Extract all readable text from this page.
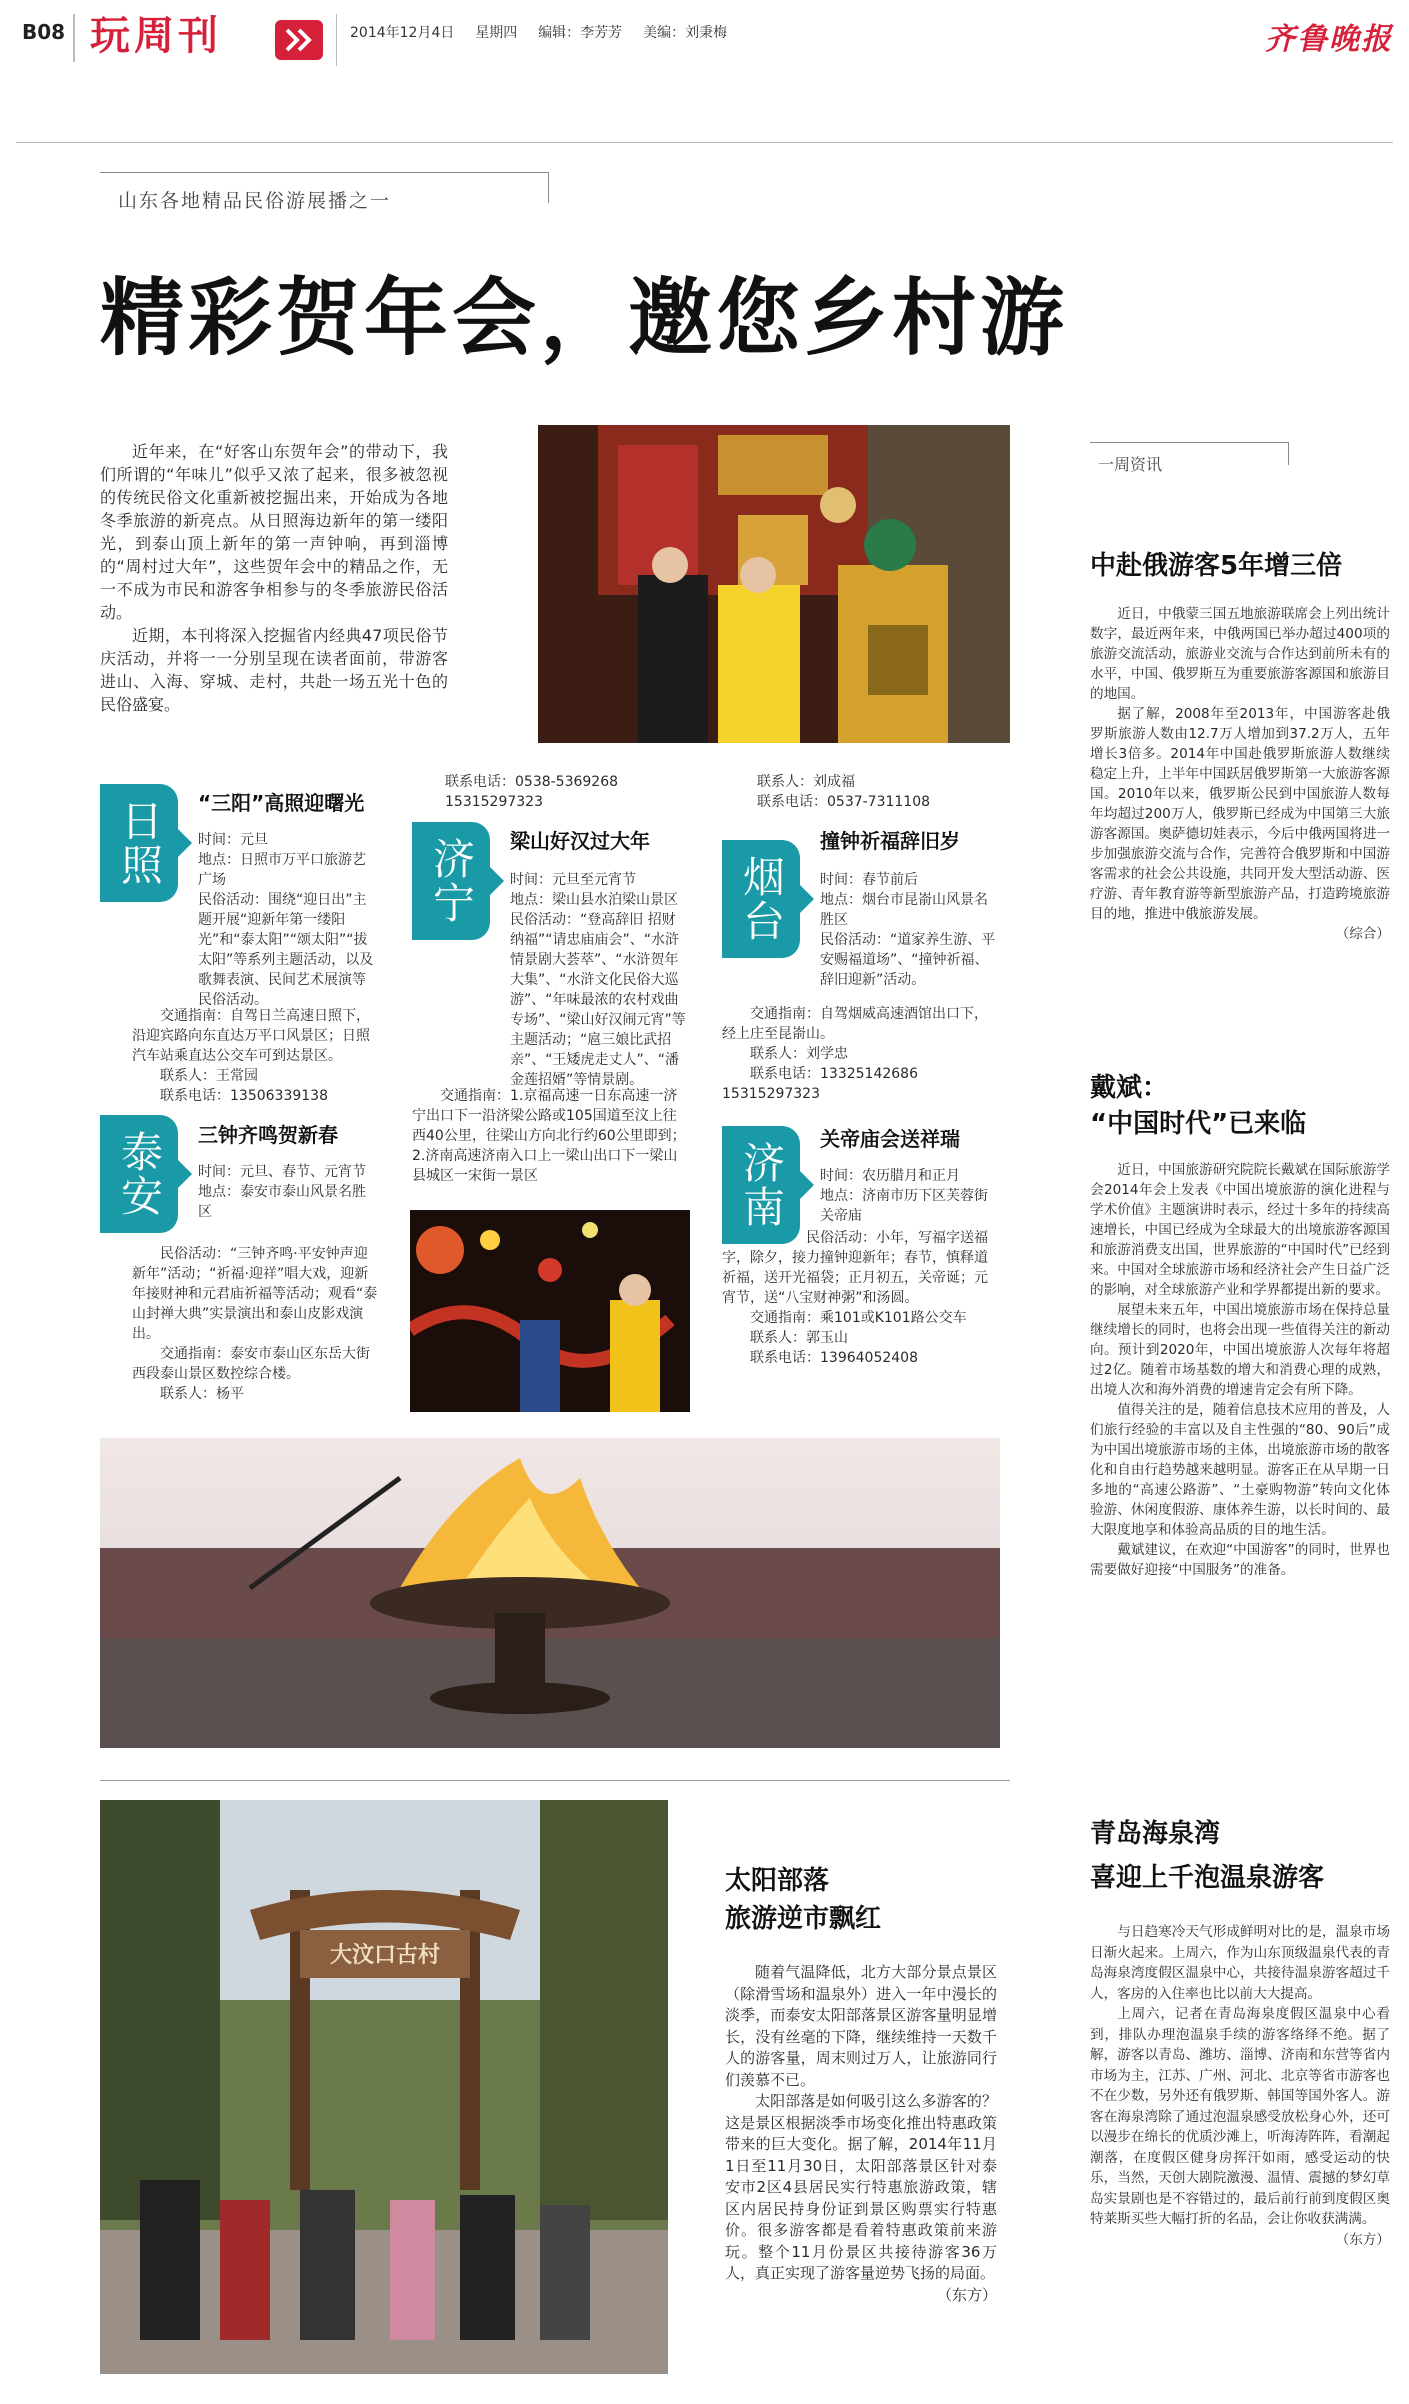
B08 玩周刊	2014年12月4日 星期四 编辑：李芳芳 美编：刘秉梅	齐鲁晚报
山东各地精品民俗游展播之一
精彩贺年会，邀您乡村游

近年来，在“好客山东贺年会”的带动下，我们所谓的“年味儿”似乎又浓了起来，很多被忽视的传统民俗文化重新被挖掘出来，开始成为各地冬季旅游的新亮点。从日照海边新年的第一缕阳光，到泰山顶上新年的第一声钟响，再到淄博的“周村过大年”，这些贺年会中的精品之作，无一不成为市民和游客争相参与的冬季旅游民俗活动。

近期，本刊将深入挖掘省内经典47项民俗节庆活动，并将一一分别呈现在读者面前，带游客进山、入海、穿城、走村，共赴一场五光十色的民俗盛宴。

日照	“三阳”高照迎曙光
时间：元旦
地点：日照市万平口旅游艺广场
民俗活动：围绕“迎日出”主题开展“迎新年第一缕阳光”和“泰太阳”“颂太阳”“拔太阳”等系列主题活动，以及歌舞表演、民间艺术展演等民俗活动。
交通指南：自驾日兰高速日照下，沿迎宾路向东直达万平口风景区；日照汽车站乘直达公交车可到达景区。
联系人：王常园
联系电话：13506339138
泰安	三钟齐鸣贺新春
时间：元旦、春节、元宵节
地点：泰安市泰山风景名胜区
民俗活动：“三钟齐鸣·平安钟声迎新年”活动；“祈福·迎祥”唱大戏，迎新年接财神和元君庙祈福等活动；观看“泰山封禅大典”实景演出和泰山皮影戏演出。
交通指南：泰安市泰山区东岳大街西段泰山景区数控综合楼。
联系人：杨平
联系电话：0538-5369268
15315297323
济宁	梁山好汉过大年
时间：元旦至元宵节
地点：梁山县水泊梁山景区
民俗活动：“登高辞旧 招财纳福”“请忠庙庙会”、“水浒情景剧大荟萃”、“水浒贺年大集”、“水浒文化民俗大巡游”、“年味最浓的农村戏曲专场”、“梁山好汉闹元宵”等主题活动；“扈三娘比武招亲”、“王矮虎走丈人”、“潘金莲招婿”等情景剧。
交通指南：1.京福高速一日东高速一济宁出口下一沿济梁公路或105国道至汶上往西40公里，往梁山方向北行约60公里即到；2.济南高速济南入口上一梁山出口下一梁山县城区一宋街一景区
联系人：刘成福
联系电话：0537-7311108
烟台
撞钟祈福辞旧岁
时间：春节前后
地点：烟台市昆嵛山风景名胜区
民俗活动：“道家养生游、平安赐福道场”、“撞钟祈福、辞旧迎新”活动。
交通指南：自驾烟威高速酒馆出口下，经上庄至昆嵛山。
联系人：刘学忠
联系电话：13325142686
15315297323
济南
关帝庙会送祥瑞
时间：农历腊月和正月
地点：济南市历下区芙蓉街关帝庙
民俗活动：小年，写福字送福字，除夕，接力撞钟迎新年；春节，慎释道祈福，送开光福袋；正月初五，关帝诞；元宵节，送“八宝财神粥”和汤圆。
交通指南：乘101或K101路公交车
联系人：郭玉山
联系电话：13964052408
大汶口古村
太阳部落
旅游逆市飘红

随着气温降低，北方大部分景点景区（除滑雪场和温泉外）进入一年中漫长的淡季，而泰安太阳部落景区游客量明显增长，没有丝毫的下降，继续维持一天数千人的游客量，周末则过万人，让旅游同行们羡慕不已。

太阳部落是如何吸引这么多游客的？这是景区根据淡季市场变化推出特惠政策带来的巨大变化。据了解，2014年11月1日至11月30日，太阳部落景区针对泰安市2区4县居民实行特惠旅游政策，辖区内居民持身份证到景区购票实行特惠价。很多游客都是看着特惠政策前来游玩。整个11月份景区共接待游客36万人，真正实现了游客量逆势飞扬的局面。

（东方）
一周资讯
中赴俄游客5年增三倍

近日，中俄蒙三国五地旅游联席会上列出统计数字，最近两年来，中俄两国已举办超过400项的旅游交流活动，旅游业交流与合作达到前所未有的水平，中国、俄罗斯互为重要旅游客源国和旅游目的地国。

据了解，2008年至2013年，中国游客赴俄罗斯旅游人数由12.7万人增加到37.2万人，五年增长3倍多。2014年中国赴俄罗斯旅游人数继续稳定上升，上半年中国跃居俄罗斯第一大旅游客源国。2010年以来，俄罗斯公民到中国旅游人数每年均超过200万人，俄罗斯已经成为中国第三大旅游客源国。奥萨德切娃表示，今后中俄两国将进一步加强旅游交流与合作，完善符合俄罗斯和中国游客需求的社会公共设施，共同开发大型活动游、医疗游、青年教育游等新型旅游产品，打造跨境旅游目的地，推进中俄旅游发展。

（综合）
戴斌：
“中国时代”已来临

近日，中国旅游研究院院长戴斌在国际旅游学会2014年会上发表《中国出境旅游的演化进程与学术价值》主题演讲时表示，经过十多年的持续高速增长，中国已经成为全球最大的出境旅游客源国和旅游消费支出国，世界旅游的“中国时代”已经到来。中国对全球旅游市场和经济社会产生日益广泛的影响，对全球旅游产业和学界都提出新的要求。

展望未来五年，中国出境旅游市场在保持总量继续增长的同时，也将会出现一些值得关注的新动向。预计到2020年，中国出境旅游人次每年将超过2亿。随着市场基数的增大和消费心理的成熟，出境人次和海外消费的增速肯定会有所下降。

值得关注的是，随着信息技术应用的普及，人们旅行经验的丰富以及自主性强的“80、90后”成为中国出境旅游市场的主体，出境旅游市场的散客化和自由行趋势越来越明显。游客正在从早期一日多地的“高速公路游”、“土豪购物游”转向文化体验游、休闲度假游、康体养生游，以长时间的、最大限度地享和体验高品质的目的地生活。

戴斌建议，在欢迎“中国游客”的同时，世界也需要做好迎接“中国服务”的准备。

青岛海泉湾
喜迎上千泡温泉游客

与日趋寒冷天气形成鲜明对比的是，温泉市场日渐火起来。上周六，作为山东顶级温泉代表的青岛海泉湾度假区温泉中心，共接待温泉游客超过千人，客房的入住率也比以前大大提高。

上周六，记者在青岛海泉度假区温泉中心看到，排队办理泡温泉手续的游客络绎不绝。据了解，游客以青岛、潍坊、淄博、济南和东营等省内市场为主，江苏、广州、河北、北京等省市游客也不在少数，另外还有俄罗斯、韩国等国外客人。游客在海泉湾除了通过泡温泉感受放松身心外，还可以漫步在绵长的优质沙滩上，听海涛阵阵，看潮起潮落，在度假区健身房挥汗如雨，感受运动的快乐，当然，天创大剧院激漫、温情、震撼的梦幻草岛实景剧也是不容错过的，最后前行前到度假区奥特莱斯买些大幅打折的名品，会让你收获满满。

（东方）
